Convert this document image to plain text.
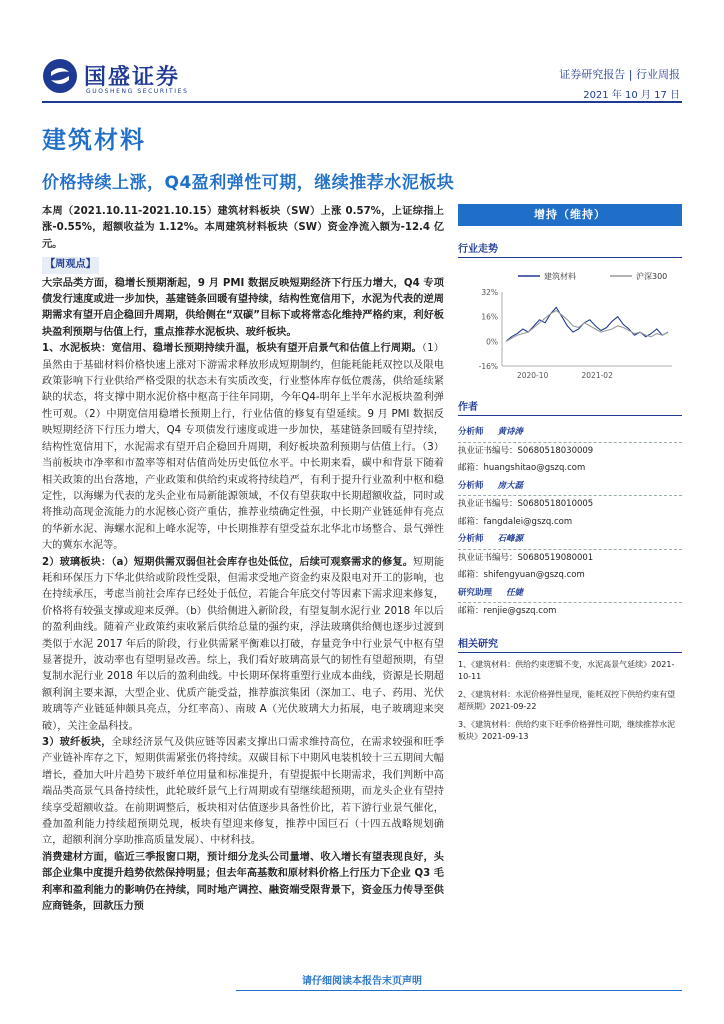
国盛证券
GUOSHENG SECURITIES
证券研究报告 | 行业周报
2021 年 10 月 17 日
建筑材料
价格持续上涨，Q4盈利弹性可期，继续推荐水泥板块

本周（2021.10.11-2021.10.15）建筑材料板块（SW）上涨 0.57%，上证综指上涨-0.55%，超额收益为 1.12%。本周建筑材料板块（SW）资金净流入额为-12.4 亿元。

【周观点】

大宗品类方面，稳增长预期渐起，9 月 PMI 数据反映短期经济下行压力增大，Q4 专项债发行速度或进一步加快，基建链条回暖有望持续，结构性宽信用下，水泥为代表的逆周期需求有望开启企稳回升周期，供给侧在“双碳”目标下或将常态化维持严格约束，利好板块盈利预期与估值上行，重点推荐水泥板块、玻纤板块。

1、水泥板块：宽信用、稳增长预期持续升温，板块有望开启景气和估值上行周期。（1）虽然由于基础材料价格快速上涨对下游需求释放形成短期制约，但能耗能耗双控以及限电政策影响下行业供给严格受限的状态未有实质改变，行业整体库存低位震荡，供给延续紧缺的状态，将支撑中期水泥价格中枢高于往年同期，今年Q4-明年上半年水泥板块盈利弹性可观。（2）中期宽信用稳增长预期上行，行业估值的修复有望延续。9 月 PMI 数据反映短期经济下行压力增大，Q4 专项债发行速度或进一步加快，基建链条回暖有望持续，结构性宽信用下，水泥需求有望开启企稳回升周期，利好板块盈利预期与估值上行。（3）当前板块市净率和市盈率等相对估值尚处历史低位水平。中长期来看，碳中和背景下随着相关政策的出台落地，产业政策和供给约束或将持续趋严，有利于提升行业盈利中枢和稳定性，以海螺为代表的龙头企业布局新能源领域，不仅有望获取中长期超额收益，同时或将推动高现金流能力的水泥核心资产重估，推荐业绩确定性强，中长期产业链延伸有亮点的华新水泥、海螺水泥和上峰水泥等，中长期推荐有望受益东北华北市场整合、景气弹性大的冀东水泥等。

2）玻璃板块：（a）短期供需双弱但社会库存也处低位，后续可观察需求的修复。短期能耗和环保压力下华北供给或阶段性受限，但需求受地产资金约束及限电对开工的影响，也在持续承压，考虑当前社会库存已经处于低位，若能合年底交付等因素下需求迎来修复，价格将有较强支撑或迎来反弹。（b）供给侧进入新阶段，有望复制水泥行业 2018 年以后的盈利曲线。随着产业政策约束收紧后供给总量的强约束，浮法玻璃供给侧也逐步过渡到类似于水泥 2017 年后的阶段，行业供需紧平衡难以打破，存量竞争中行业景气中枢有望显著提升，波动率也有望明显改善。综上，我们看好玻璃高景气的韧性有望超预期，有望复制水泥行业 2018 年以后的盈利曲线。中长期环保将重塑行业成本曲线，资源是长期超额利润主要来源，大型企业、优质产能受益，推荐旗滨集团（深加工、电子、药用、光伏玻璃等产业链延伸颇具亮点，分红率高）、南玻 A（光伏玻璃大力拓展，电子玻璃迎来突破），关注金晶科技。

3）玻纤板块，全球经济景气及供应链等因素支撑出口需求维持高位，在需求较强和旺季产业链补库存之下，短期供需紧张仍将持续。双碳目标下中期风电装机较十三五期间大幅增长，叠加大叶片趋势下玻纤单位用量和标准提升，有望提振中长期需求，我们判断中高端品类高景气具备持续性，此轮玻纤景气上行周期或有望继续超预期，而龙头企业有望持续享受超额收益。在前期调整后，板块相对估值逐步具备性价比，若下游行业景气催化，叠加盈利能力持续超预期兑现，板块有望迎来修复，推荐中国巨石（十四五战略规划确立，超额利润分享助推高质量发展）、中材科技。

消费建材方面，临近三季报窗口期，预计细分龙头公司量增、收入增长有望表现良好，头部企业集中度提升趋势依然保持明显；但去年高基数和原材料价格上行压力下企业 Q3 毛利率和盈利能力的影响仍在持续，同时地产调控、融资端受限背景下，资金压力传导至供应商链条，回款压力预

增持（维持）
行业走势
建筑材料	沪深300
32%
16%
0%
-16%
2020-10	2021-02
作者
分析师 黄诗涛
执业证书编号：S0680518030009
邮箱：huangshitao@gszq.com
分析师 房大磊
执业证书编号：S0680518010005
邮箱：fangdalei@gszq.com
分析师 石峰源
执业证书编号：S0680519080001
邮箱：shifengyuan@gszq.com
研究助理 任婕
邮箱：renjie@gszq.com
相关研究
1、《建筑材料：供给约束逻辑不变，水泥高景气延续》2021-10-11
2、《建筑材料：水泥价格弹性显现，能耗双控下供给约束有望超预期》2021-09-22
3、《建筑材料：供给约束下旺季价格弹性可期，继续推荐水泥板块》2021-09-13
请仔细阅读本报告末页声明
